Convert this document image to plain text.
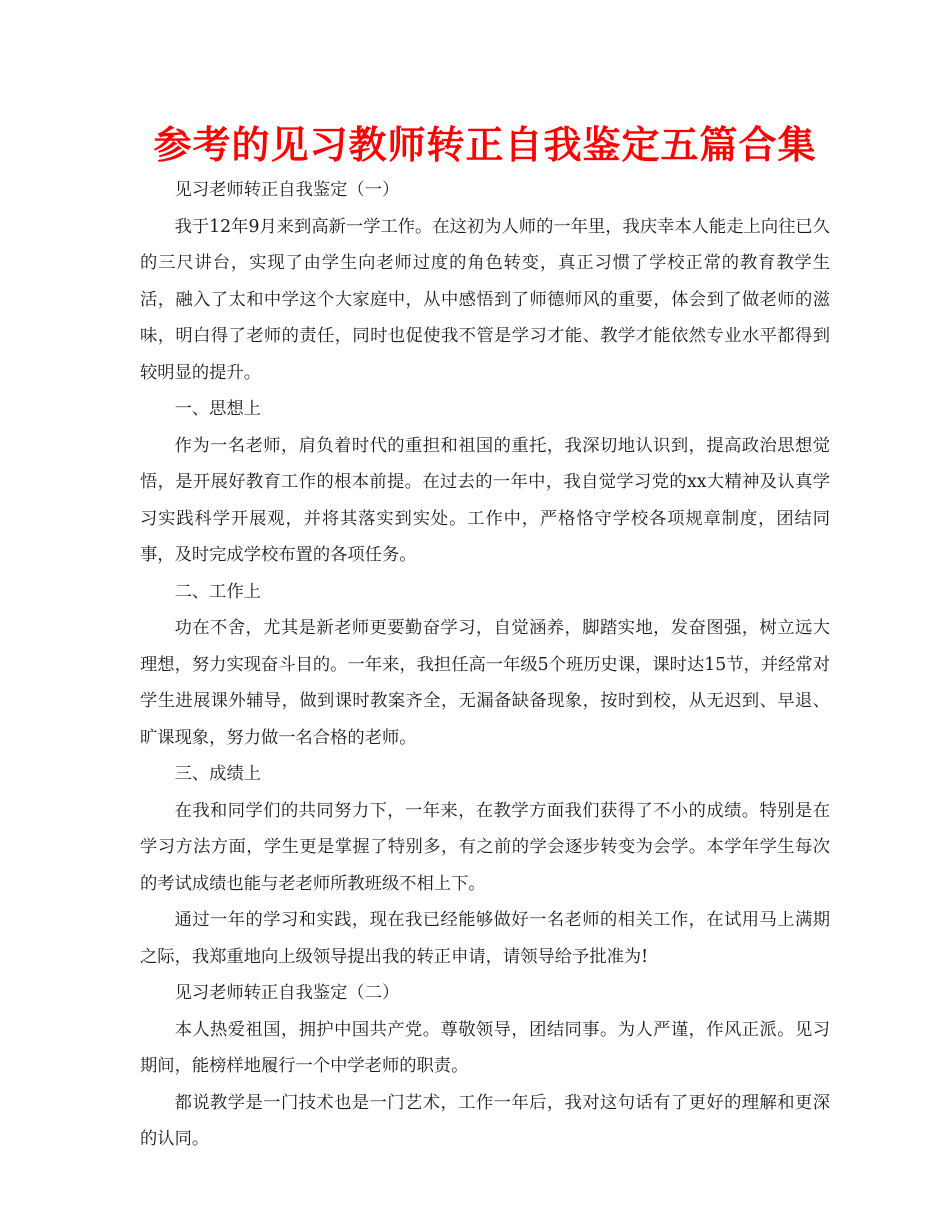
参考的见习教师转正自我鉴定五篇合集

见习老师转正自我鉴定（一）

我于12年9月来到高新一学工作。在这初为人师的一年里，我庆幸本人能走上向往已久的三尺讲台，实现了由学生向老师过度的角色转变，真正习惯了学校正常的教育教学生活，融入了太和中学这个大家庭中，从中感悟到了师德师风的重要，体会到了做老师的滋味，明白得了老师的责任，同时也促使我不管是学习才能、教学才能依然专业水平都得到较明显的提升。

一、思想上

作为一名老师，肩负着时代的重担和祖国的重托，我深切地认识到，提高政治思想觉悟，是开展好教育工作的根本前提。在过去的一年中，我自觉学习党的xx大精神及认真学习实践科学开展观，并将其落实到实处。工作中，严格恪守学校各项规章制度，团结同事，及时完成学校布置的各项任务。

二、工作上

功在不舍，尤其是新老师更要勤奋学习，自觉涵养，脚踏实地，发奋图强，树立远大理想，努力实现奋斗目的。一年来，我担任高一年级5个班历史课，课时达15节，并经常对学生进展课外辅导，做到课时教案齐全，无漏备缺备现象，按时到校，从无迟到、早退、旷课现象，努力做一名合格的老师。

三、成绩上

在我和同学们的共同努力下，一年来，在教学方面我们获得了不小的成绩。特别是在学习方法方面，学生更是掌握了特别多，有之前的学会逐步转变为会学。本学年学生每次的考试成绩也能与老老师所教班级不相上下。

通过一年的学习和实践，现在我已经能够做好一名老师的相关工作，在试用马上满期之际，我郑重地向上级领导提出我的转正申请，请领导给予批准为!

见习老师转正自我鉴定（二）

本人热爱祖国，拥护中国共产党。尊敬领导，团结同事。为人严谨，作风正派。见习期间，能榜样地履行一个中学老师的职责。

都说教学是一门技术也是一门艺术，工作一年后，我对这句话有了更好的理解和更深的认同。
